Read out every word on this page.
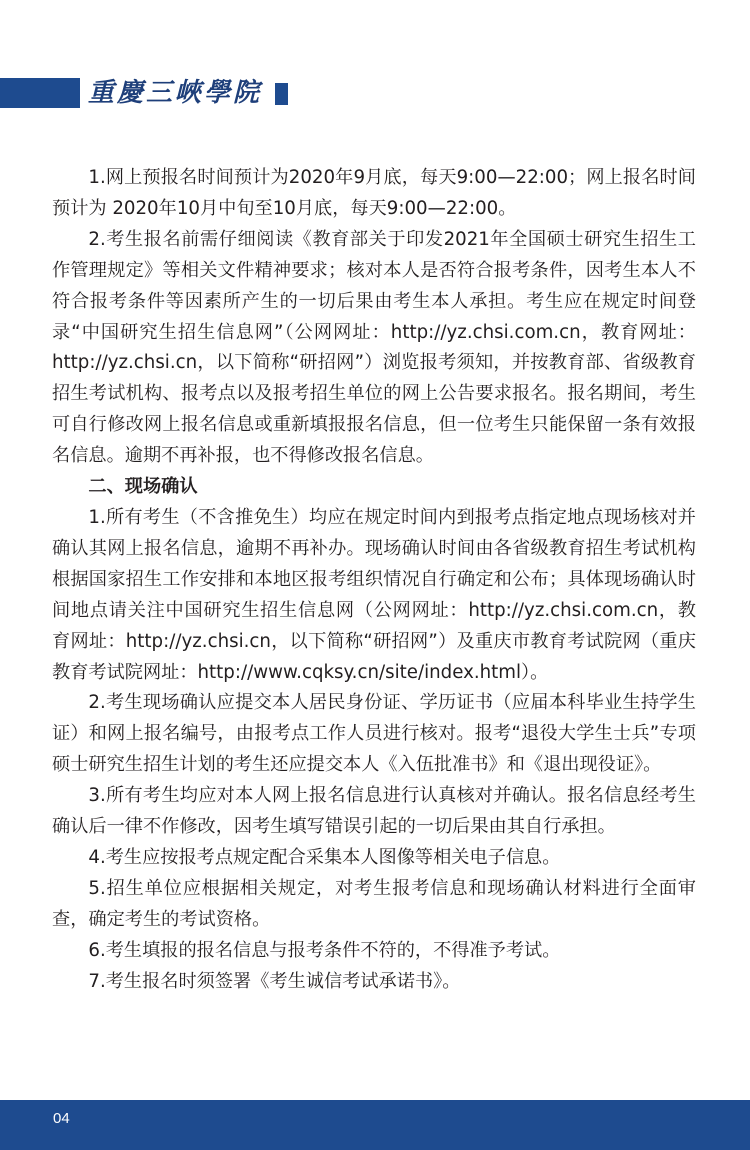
重慶三峽學院

1.网上预报名时间预计为2020年9月底，每天9:00—22:00；网上报名时间预计为 2020年10月中旬至10月底，每天9:00—22:00。

2.考生报名前需仔细阅读《教育部关于印发2021年全国硕士研究生招生工作管理规定》等相关文件精神要求；核对本人是否符合报考条件，因考生本人不符合报考条件等因素所产生的一切后果由考生本人承担。考生应在规定时间登录“中国研究生招生信息网”（公网网址：http://yz.chsi.com.cn，教育网址：http://yz.chsi.cn，以下简称“研招网”）浏览报考须知，并按教育部、省级教育招生考试机构、报考点以及报考招生单位的网上公告要求报名。报名期间，考生可自行修改网上报名信息或重新填报报名信息，但一位考生只能保留一条有效报名信息。逾期不再补报，也不得修改报名信息。

二、现场确认

1.所有考生（不含推免生）均应在规定时间内到报考点指定地点现场核对并确认其网上报名信息，逾期不再补办。现场确认时间由各省级教育招生考试机构根据国家招生工作安排和本地区报考组织情况自行确定和公布；具体现场确认时间地点请关注中国研究生招生信息网（公网网址：http://yz.chsi.com.cn，教育网址：http://yz.chsi.cn，以下简称“研招网”）及重庆市教育考试院网（重庆教育考试院网址：http://www.cqksy.cn/site/index.html）。

2.考生现场确认应提交本人居民身份证、学历证书（应届本科毕业生持学生证）和网上报名编号，由报考点工作人员进行核对。报考“退役大学生士兵”专项硕士研究生招生计划的考生还应提交本人《入伍批准书》和《退出现役证》。

3.所有考生均应对本人网上报名信息进行认真核对并确认。报名信息经考生确认后一律不作修改，因考生填写错误引起的一切后果由其自行承担。

4.考生应按报考点规定配合采集本人图像等相关电子信息。

5.招生单位应根据相关规定，对考生报考信息和现场确认材料进行全面审查，确定考生的考试资格。

6.考生填报的报名信息与报考条件不符的，不得准予考试。

7.考生报名时须签署《考生诚信考试承诺书》。

04
